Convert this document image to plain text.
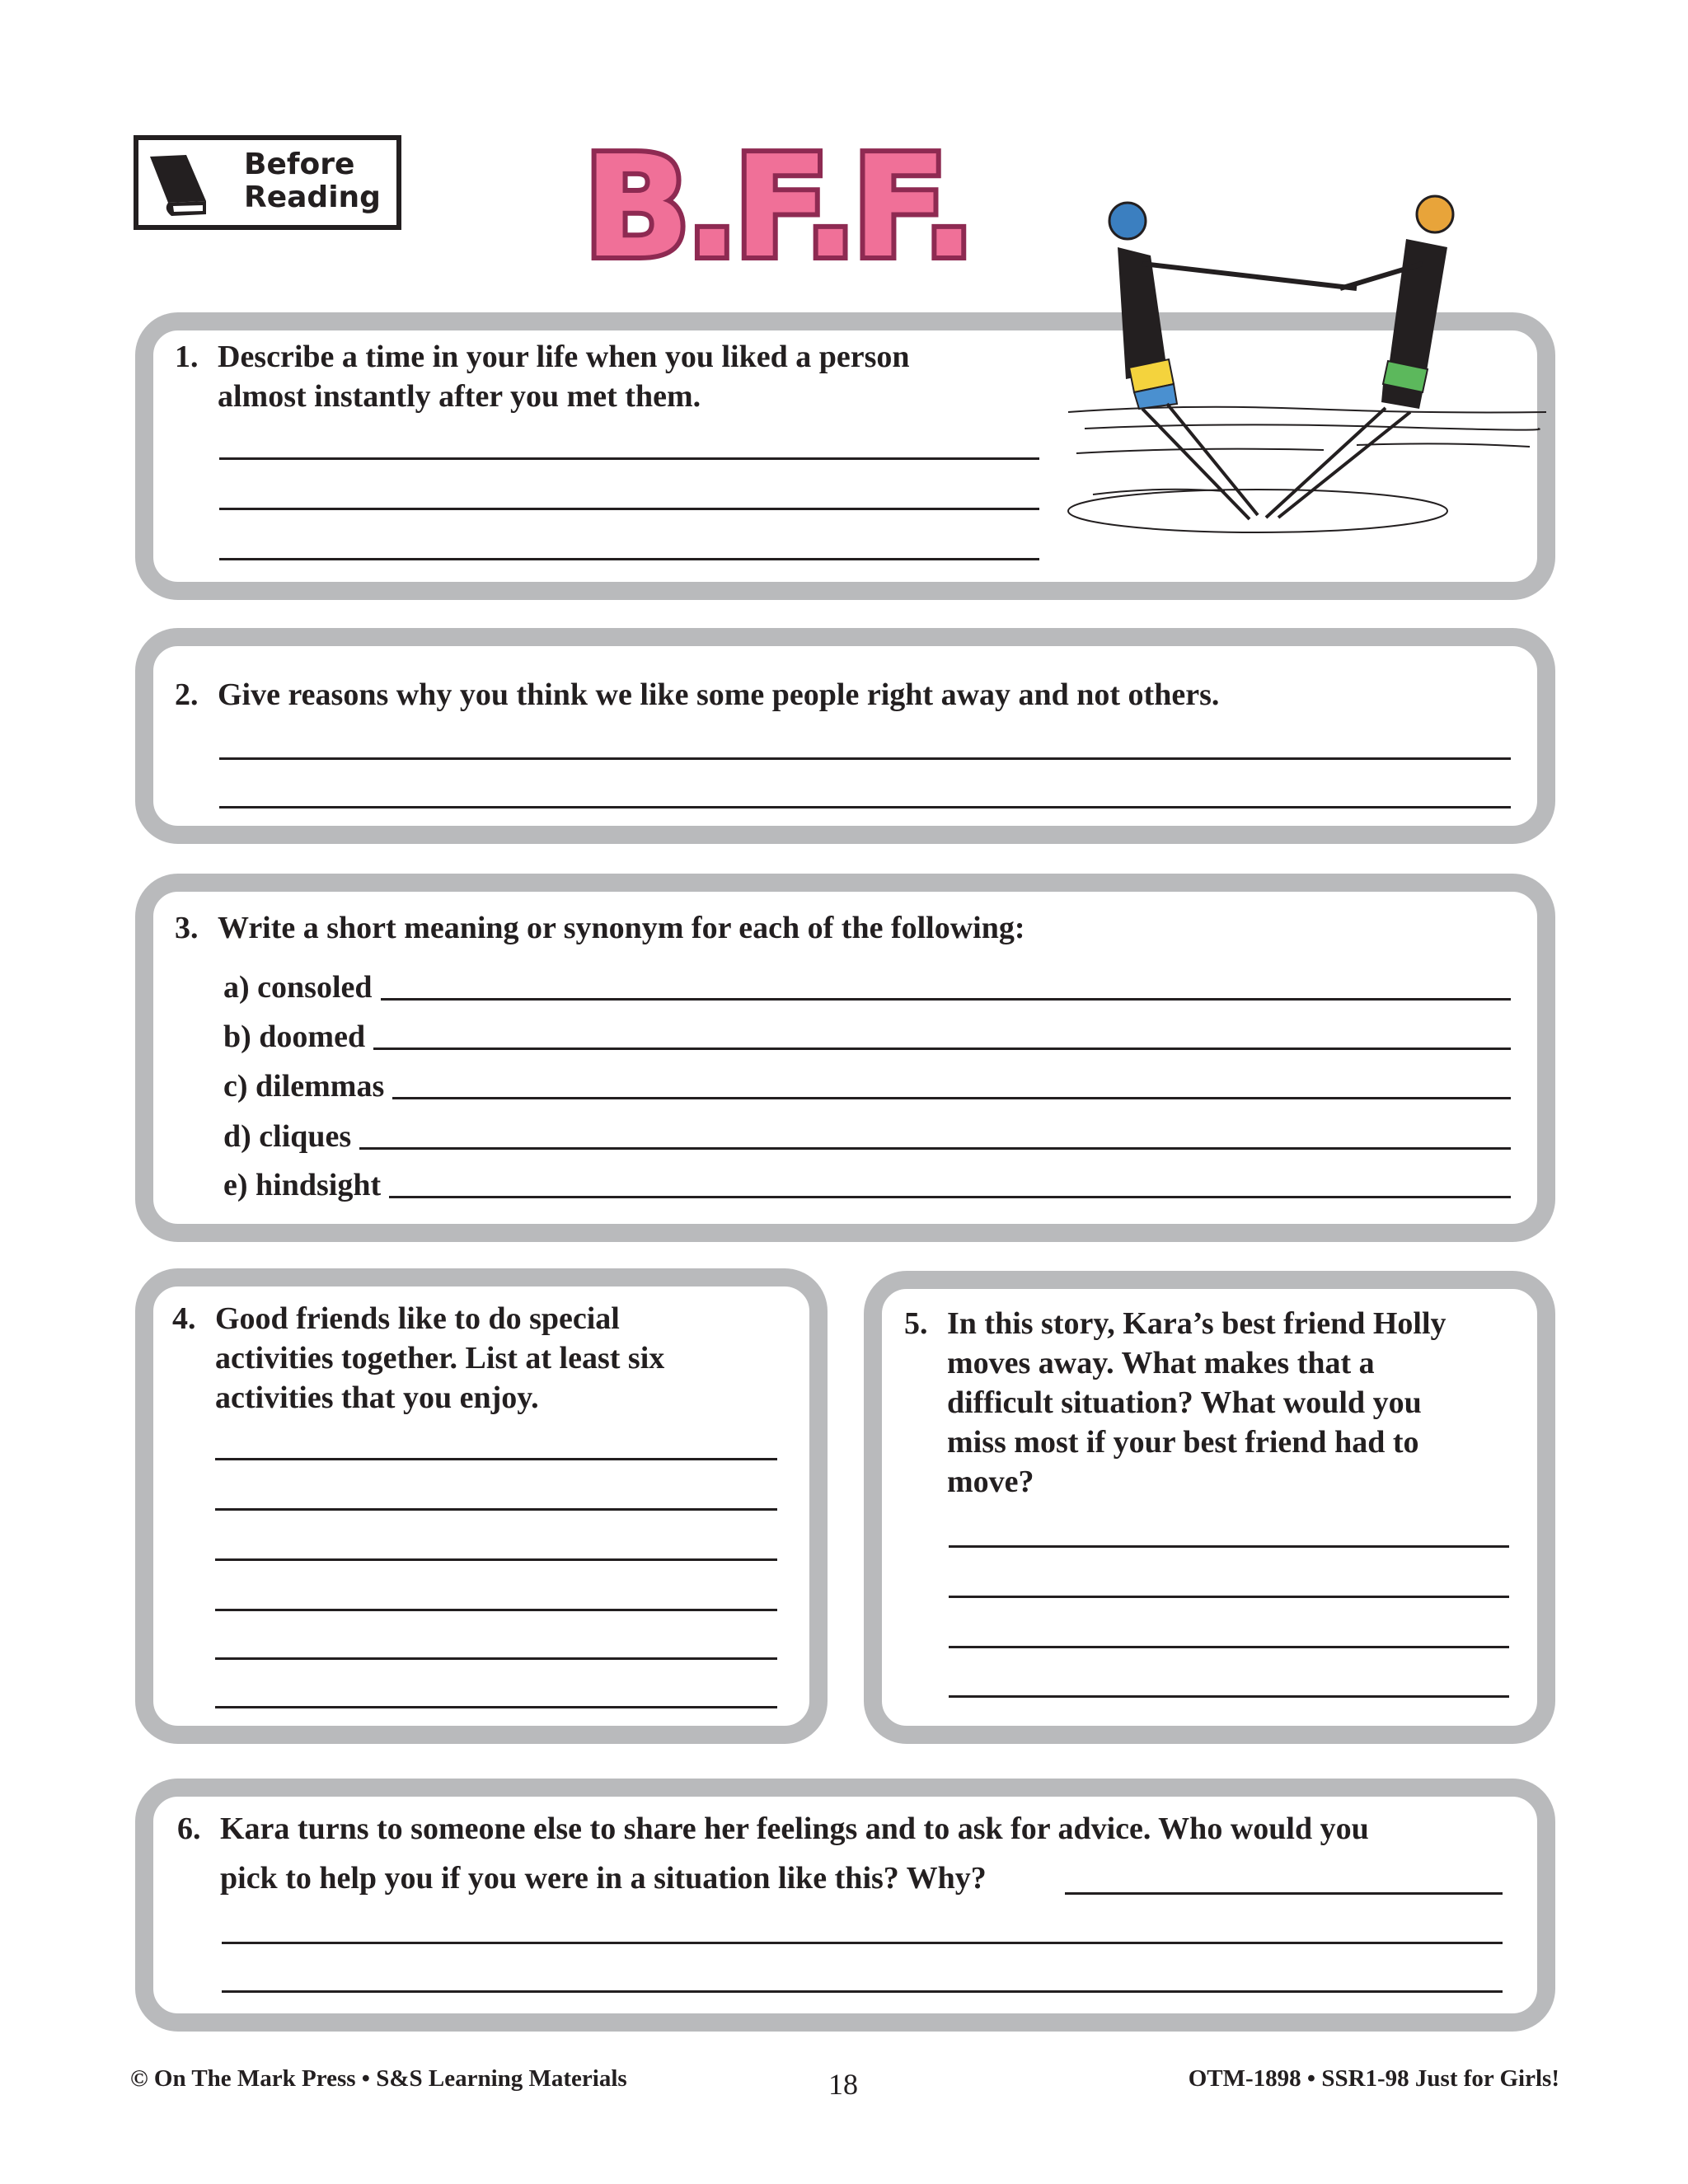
Before
Reading B.F.F.
1. Describe a time in your life when you liked a person
almost instantly after you met them.
2. Give reasons why you think we like some people right away and not others.
3. Write a short meaning or synonym for each of the following:
a)
consoled
b)
doomed
c)
dilemmas
d)
cliques
e)
hindsight
4. Good friends like to do special
activities together. List at least six
activities that you enjoy.
5. In this story, Kara’s best friend Holly
moves away. What makes that a
difficult situation? What would you
miss most if your best friend had to
move?
6. Kara turns to someone else to share her feelings and to ask for advice. Who would you
pick to help you if you were in a situation like this? Why?
© On The Mark Press • S&S Learning Materials	18	OTM-1898 • SSR1-98 Just for Girls!
